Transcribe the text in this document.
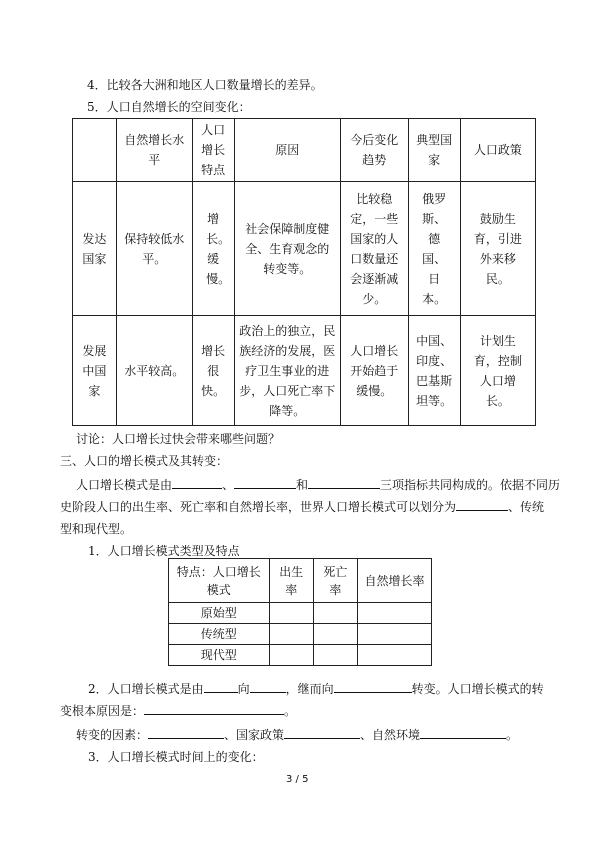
4．比较各大洲和地区人口数量增长的差异。
5．人口自然增长的空间变化：
	自然增长水平	人口增长特点	原因	今后变化趋势	典型国家	人口政策
发达国家	保持较低水平。	增长。缓慢。	社会保障制度健全、生育观念的转变等。	比较稳定，一些国家的人口数量还会逐渐减少。	俄罗斯、德国、日本。	鼓励生育，引进外来移民。
发展中国家	水平较高。	增长很快。	政治上的独立，民族经济的发展，医疗卫生事业的进步，人口死亡率下降等。	人口增长开始趋于缓慢。	中国、印度、巴基斯坦等。	计划生育，控制人口增长。
讨论：人口增长过快会带来哪些问题？
三、人口的增长模式及其转变：
人口增长模式是由	、	和	三项指标共同构成的。依据不同历
史阶段人口的出生率、死亡率和自然增长率，世界人口增长模式可以划分为	、传统
型和现代型。
1．人口增长模式类型及特点
特点：人口增长模式	出生率	死亡率	自然增长率
原始型			
传统型			
现代型			
2．人口增长模式是由	向	，继而向	转变。人口增长模式的转
变根本原因是：	。
转变的因素：	、国家政策	、自然环境	。
3．人口增长模式时间上的变化：
3 / 5
